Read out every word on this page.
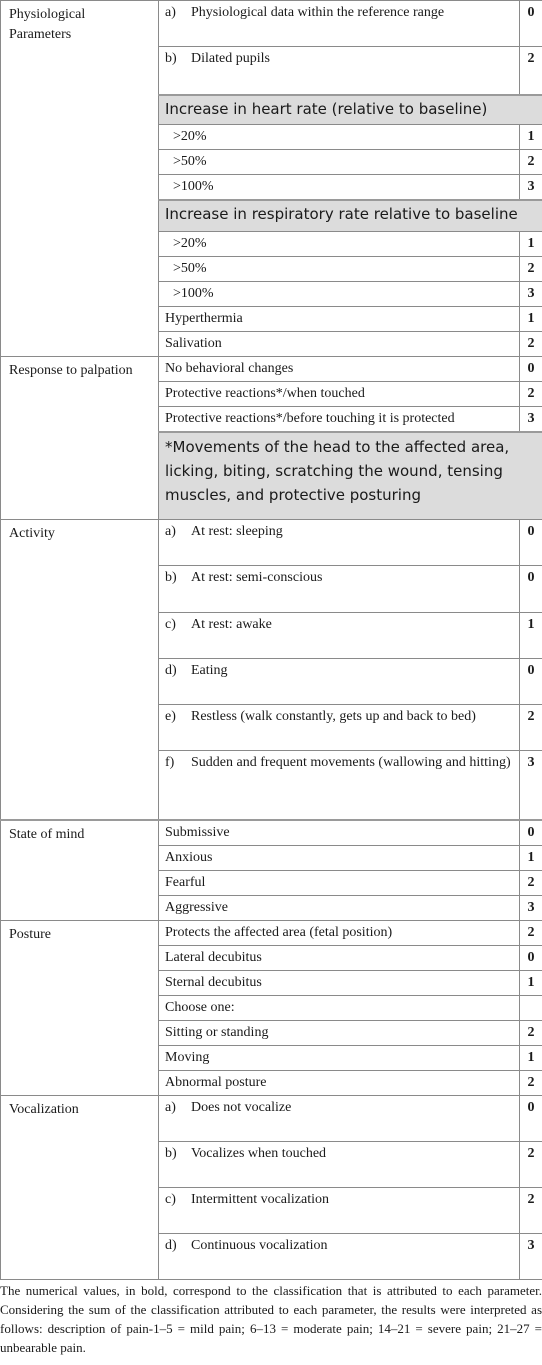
Physiological Parameters	a) Physiological data within the reference range	0
	b) Dilated pupils	2
	Increase in heart rate (relative to baseline)	
	>20%	1
	>50%	2
	>100%	3
	Increase in respiratory rate relative to baseline	
	>20%	1
	>50%	2
	>100%	3
	Hyperthermia	1
	Salivation	2
Response to palpation	No behavioral changes	0
	Protective reactions*/when touched	2
	Protective reactions*/before touching it is protected	3
	*Movements of the head to the affected area, licking, biting, scratching the wound, tensing muscles, and protective posturing	
Activity	a) At rest: sleeping	0
	b) At rest: semi-conscious	0
	c) At rest: awake	1
	d) Eating	0
	e) Restless (walk constantly, gets up and back to bed)	2

	f) Sudden and frequent movements (wallowing and hitting)	3
State of mind	Submissive	0
	Anxious	1
	Fearful	2
	Aggressive	3
Posture	Protects the affected area (fetal position)	2
	Lateral decubitus	0
	Sternal decubitus	1
	Choose one:	
	Sitting or standing	2
	Moving	1
	Abnormal posture	2
Vocalization	a) Does not vocalize	0
	b) Vocalizes when touched	2
	c) Intermittent vocalization	2
	d) Continuous vocalization	3

The numerical values, in bold, correspond to the classification that is attributed to each parameter. Considering the sum of the classification attributed to each parameter, the results were interpreted as follows: description of pain-1–5 = mild pain; 6–13 = moderate pain; 14–21 = severe pain; 21–27 = unbearable pain.
